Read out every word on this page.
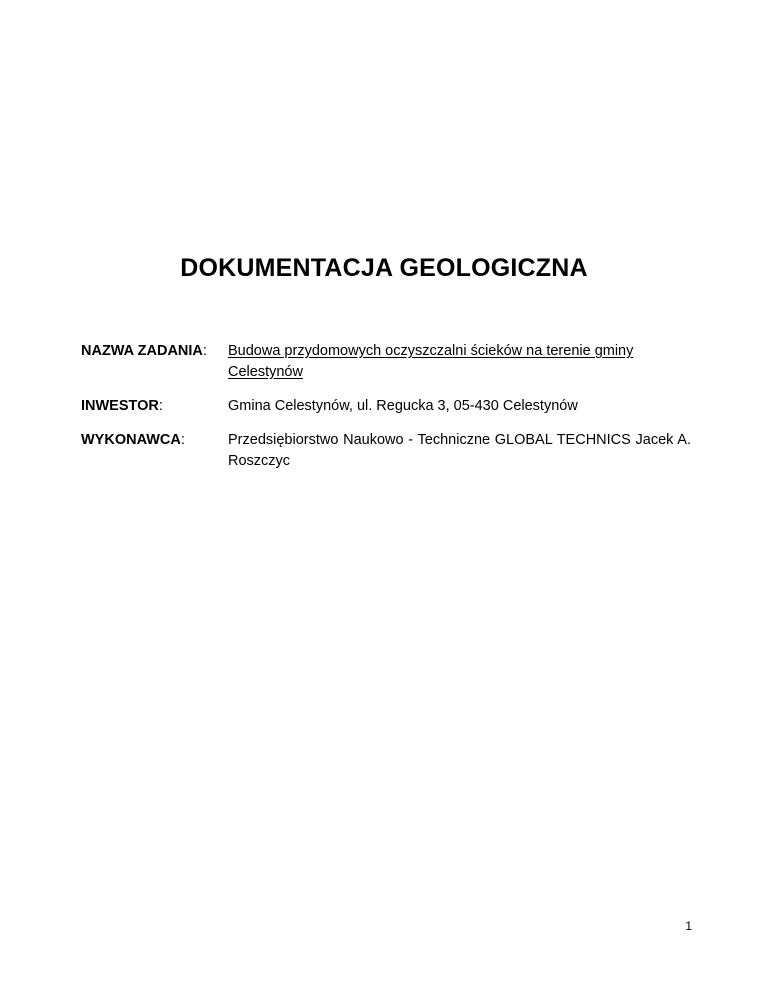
DOKUMENTACJA GEOLOGICZNA
NAZWA ZADANIA: Budowa przydomowych oczyszczalni ścieków na terenie gminy Celestynów
INWESTOR:	Gmina Celestynów, ul. Regucka 3, 05-430 Celestynów
WYKONAWCA:	Przedsiębiorstwo Naukowo - Techniczne GLOBAL TECHNICS Jacek A. Roszczyc
1
